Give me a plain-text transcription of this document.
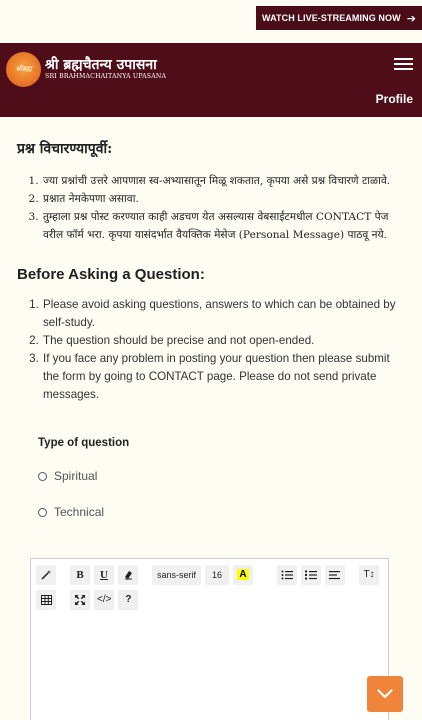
WATCH LIVE-STREAMING NOW ➔
श्रीब्रह्म श्री ब्रह्मचैतन्य उपासना
SRI BRAHMACHAITANYA UPASANA
Profile
प्रश्न विचारण्यापूर्वी:
1. ज्या प्रश्नांची उत्तरे आपणास स्व-अभ्यासातून मिळू शकतात, कृपया असे प्रश्न विचारणे टाळावे.
2. प्रश्नात नेमकेपणा असावा.
3. तुम्हाला प्रश्न पोस्ट करण्यात काही अडचण येत असल्यास वेबसाईटमधील CONTACT पेज वरील फॉर्म भरा. कृपया यासंदर्भात वैयक्तिक मेसेज (Personal Message) पाठवू नये.
Before Asking a Question:
1. Please avoid asking questions, answers to which can be obtained by self-study.
2. The question should be precise and not open-ended.
3. If you face any problem in posting your question then please submit the form by going to CONTACT page. Please do not send private messages.
Type of question
Spiritual
Technical
B	U	sans-serif	16	A	T↕
</>	?
